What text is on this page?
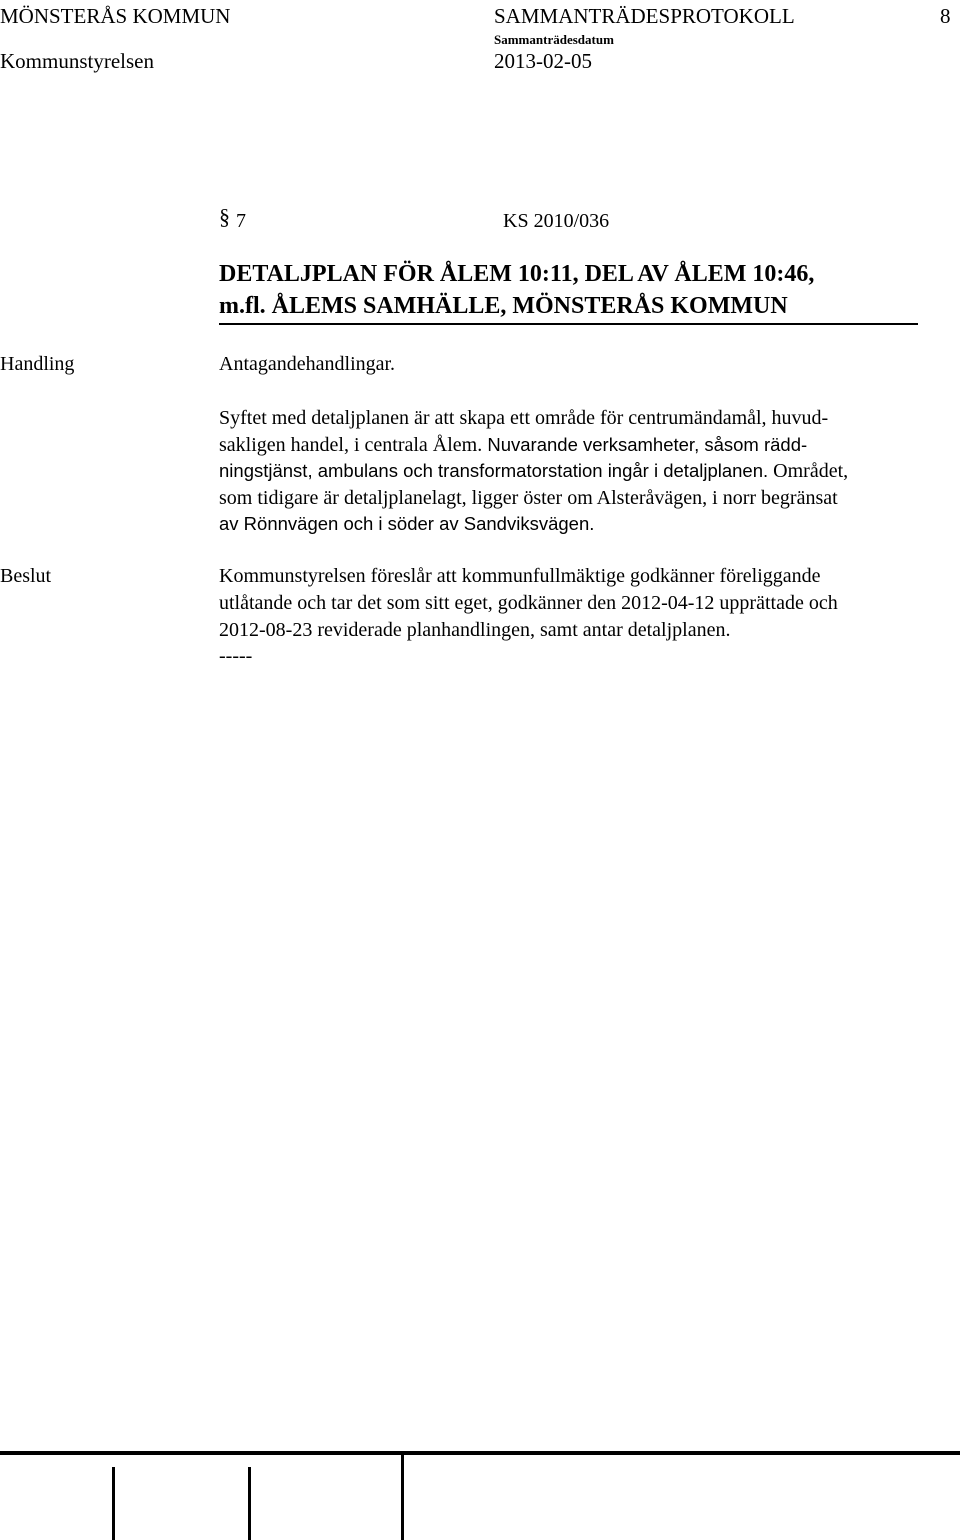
MÖNSTERÅS KOMMUN	SAMMANTRÄDESPROTOKOLL	8
Kommunstyrelsen
Sammanträdesdatum
2013-02-05
§ 7	KS 2010/036
DETALJPLAN FÖR ÅLEM 10:11, DEL AV ÅLEM 10:46,
m.fl. ÅLEMS SAMHÄLLE, MÖNSTERÅS KOMMUN
Handling	Antagandehandlingar.
Syftet med detaljplanen är att skapa ett område för centrumändamål, huvud-
sakligen handel, i centrala Ålem. Nuvarande verksamheter, såsom rädd-
ningstjänst, ambulans och transformatorstation ingår i detaljplanen. Området,
som tidigare är detaljplanelagt, ligger öster om Alsteråvägen, i norr begränsat
av Rönnvägen och i söder av Sandviksvägen.
Beslut	Kommunstyrelsen föreslår att kommunfullmäktige godkänner föreliggande
utlåtande och tar det som sitt eget, godkänner den 2012-04-12 upprättade och
2012-08-23 reviderade planhandlingen, samt antar detaljplanen.
-----
